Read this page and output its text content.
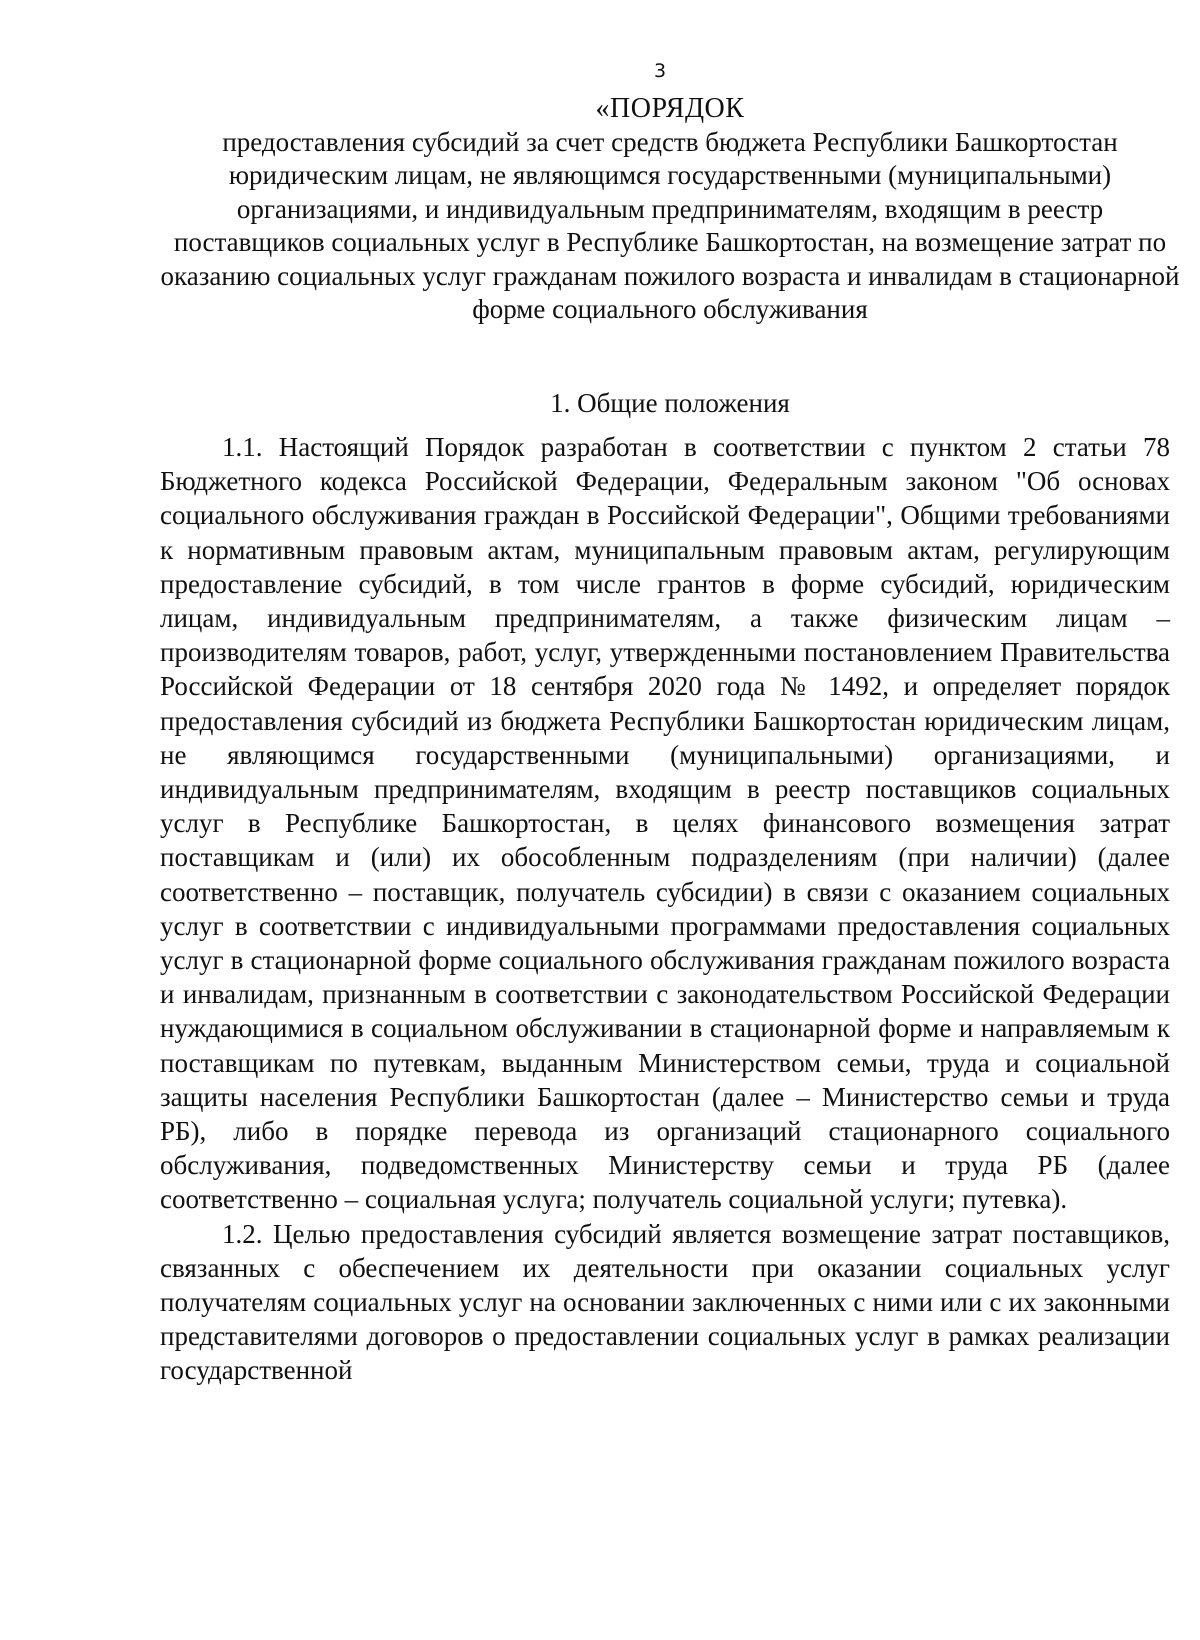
3
«ПОРЯДОК
предоставления субсидий за счет средств бюджета Республики Башкортостан юридическим лицам, не являющимся государственными (муниципальными) организациями, и индивидуальным предпринимателям, входящим в реестр поставщиков социальных услуг в Республике Башкортостан, на возмещение затрат по оказанию социальных услуг гражданам пожилого возраста и инвалидам в стационарной форме социального обслуживания
1. Общие положения

1.1. Настоящий Порядок разработан в соответствии с пунктом 2 статьи 78 Бюджетного кодекса Российской Федерации, Федеральным законом "Об основах социального обслуживания граждан в Российской Федерации", Общими требованиями к нормативным правовым актам, муниципальным правовым актам, регулирующим предоставление субсидий, в том числе грантов в форме субсидий, юридическим лицам, индивидуальным предпринимателям, а также физическим лицам – производителям товаров, работ, услуг, утвержденными постановлением Правительства Российской Федерации от 18 сентября 2020 года № 1492, и определяет порядок предоставления субсидий из бюджета Республики Башкортостан юридическим лицам, не являющимся государственными (муниципальными) организациями, и индивидуальным предпринимателям, входящим в реестр поставщиков социальных услуг в Республике Башкортостан, в целях финансового возмещения затрат поставщикам и (или) их обособленным подразделениям (при наличии) (далее соответственно – поставщик, получатель субсидии) в связи с оказанием социальных услуг в соответствии с индивидуальными программами предоставления социальных услуг в стационарной форме социального обслуживания гражданам пожилого возраста и инвалидам, признанным в соответствии с законодательством Российской Федерации нуждающимися в социальном обслуживании в стационарной форме и направляемым к поставщикам по путевкам, выданным Министерством семьи, труда и социальной защиты населения Республики Башкортостан (далее – Министерство семьи и труда РБ), либо в порядке перевода из организаций стационарного социального обслуживания, подведомственных Министерству семьи и труда РБ (далее соответственно – социальная услуга; получатель социальной услуги; путевка).

1.2. Целью предоставления субсидий является возмещение затрат поставщиков, связанных с обеспечением их деятельности при оказании социальных услуг получателям социальных услуг на основании заключенных с ними или с их законными представителями договоров о предоставлении социальных услуг в рамках реализации государственной
